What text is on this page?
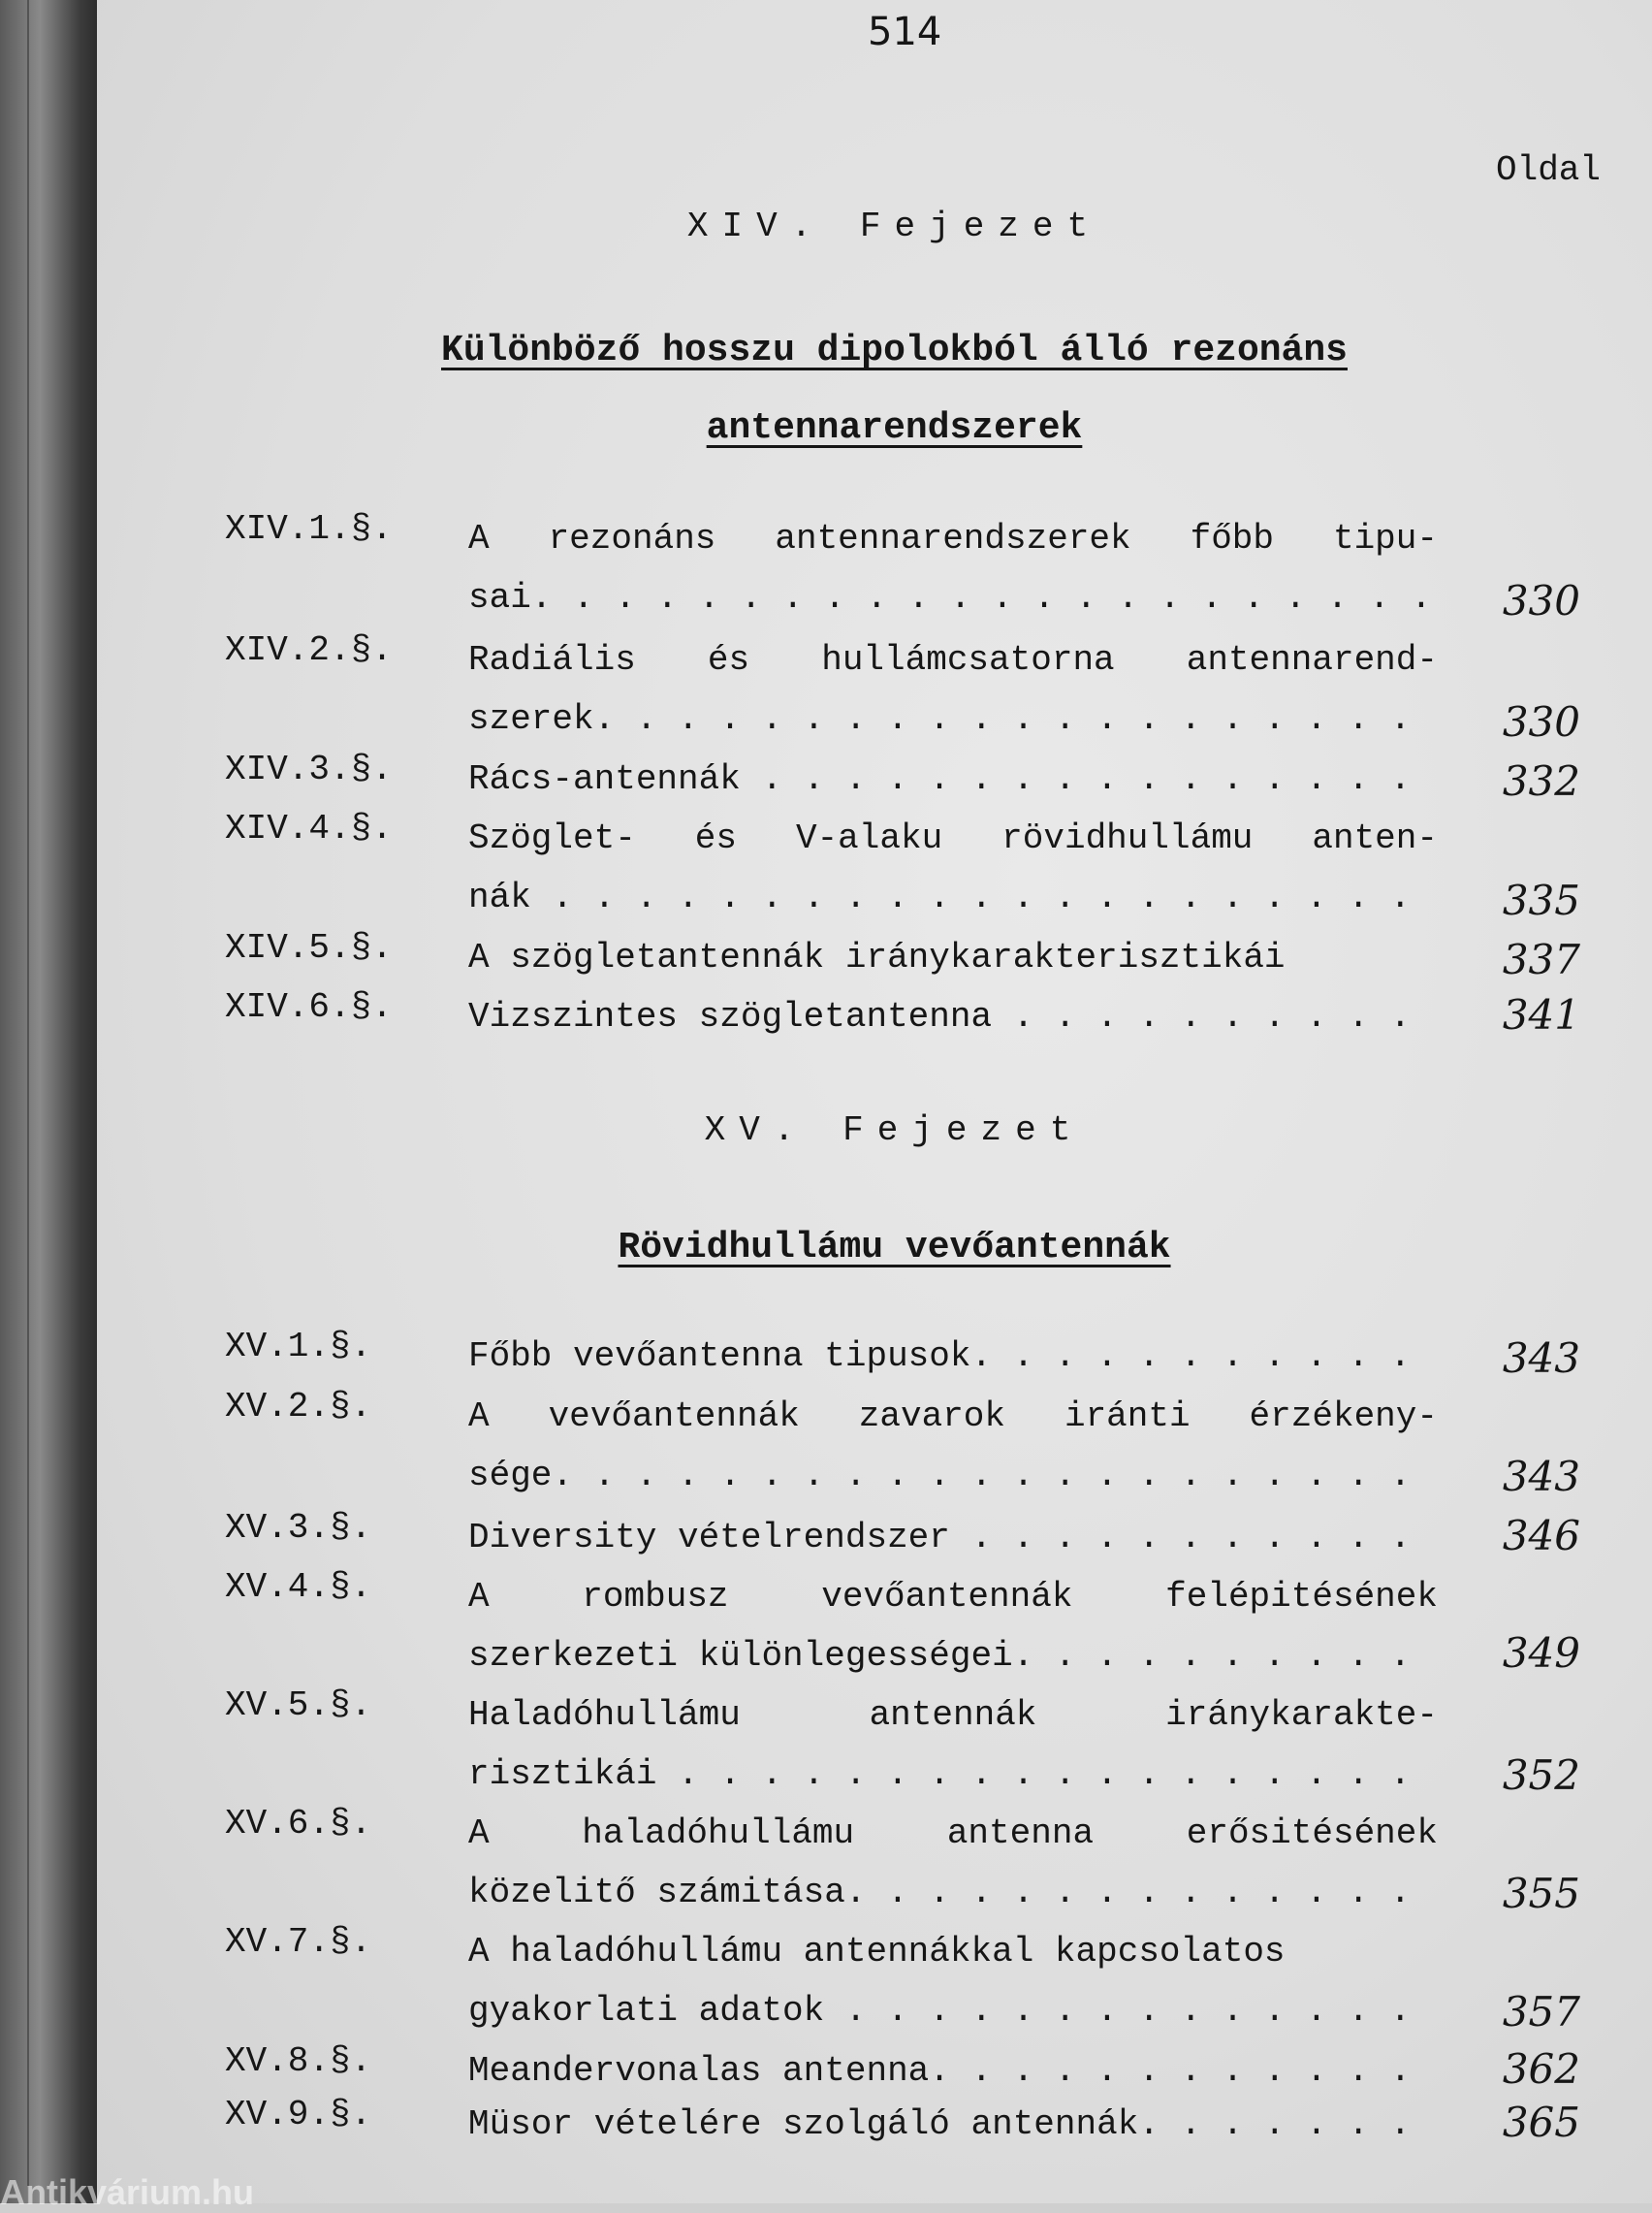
514
Oldal
XIV. Fejezet
Különböző hosszu dipolokból álló rezonáns
antennarendszerek
XIV.1.§. A rezonáns antennarendszerek főbb tipu-
sai. . . .	330
XIV.2.§. Radiális és hullámcsatorna antennarend-
szerek. . . .	330
XIV.3.§. Rács-antennák . . .	332
XIV.4.§. Szöglet- és V-alaku rövidhullámu anten-
nák . . .	335
XIV.5.§. A szögletantennák iránykarakterisztikái	337
XIV.6.§. Vizszintes szögletantenna . . .	341
XV. Fejezet
Rövidhullámu vevőantennák
XV.1.§.	Főbb vevőantenna tipusok. . . .	343
XV.2.§.	A vevőantennák zavarok iránti érzékeny-
sége. . . .	343
XV.3.§.	Diversity vételrendszer . . .	346
XV.4.§.	A rombusz vevőantennák felépitésének
szerkezeti különlegességei. . . .	349
XV.5.§.	Haladóhullámu antennák iránykarakte-
risztikái . . .	352
XV.6.§.	A haladóhullámu antenna erősitésének
közelitő számitása. . . .	355
XV.7.§.	A haladóhullámu antennákkal kapcsolatos
gyakorlati adatok . . .	357
XV.8.§.	Meandervonalas antenna. . . .	362
XV.9.§.	Müsor vételére szolgáló antennák. . . .	365
Antikvárium.hu
